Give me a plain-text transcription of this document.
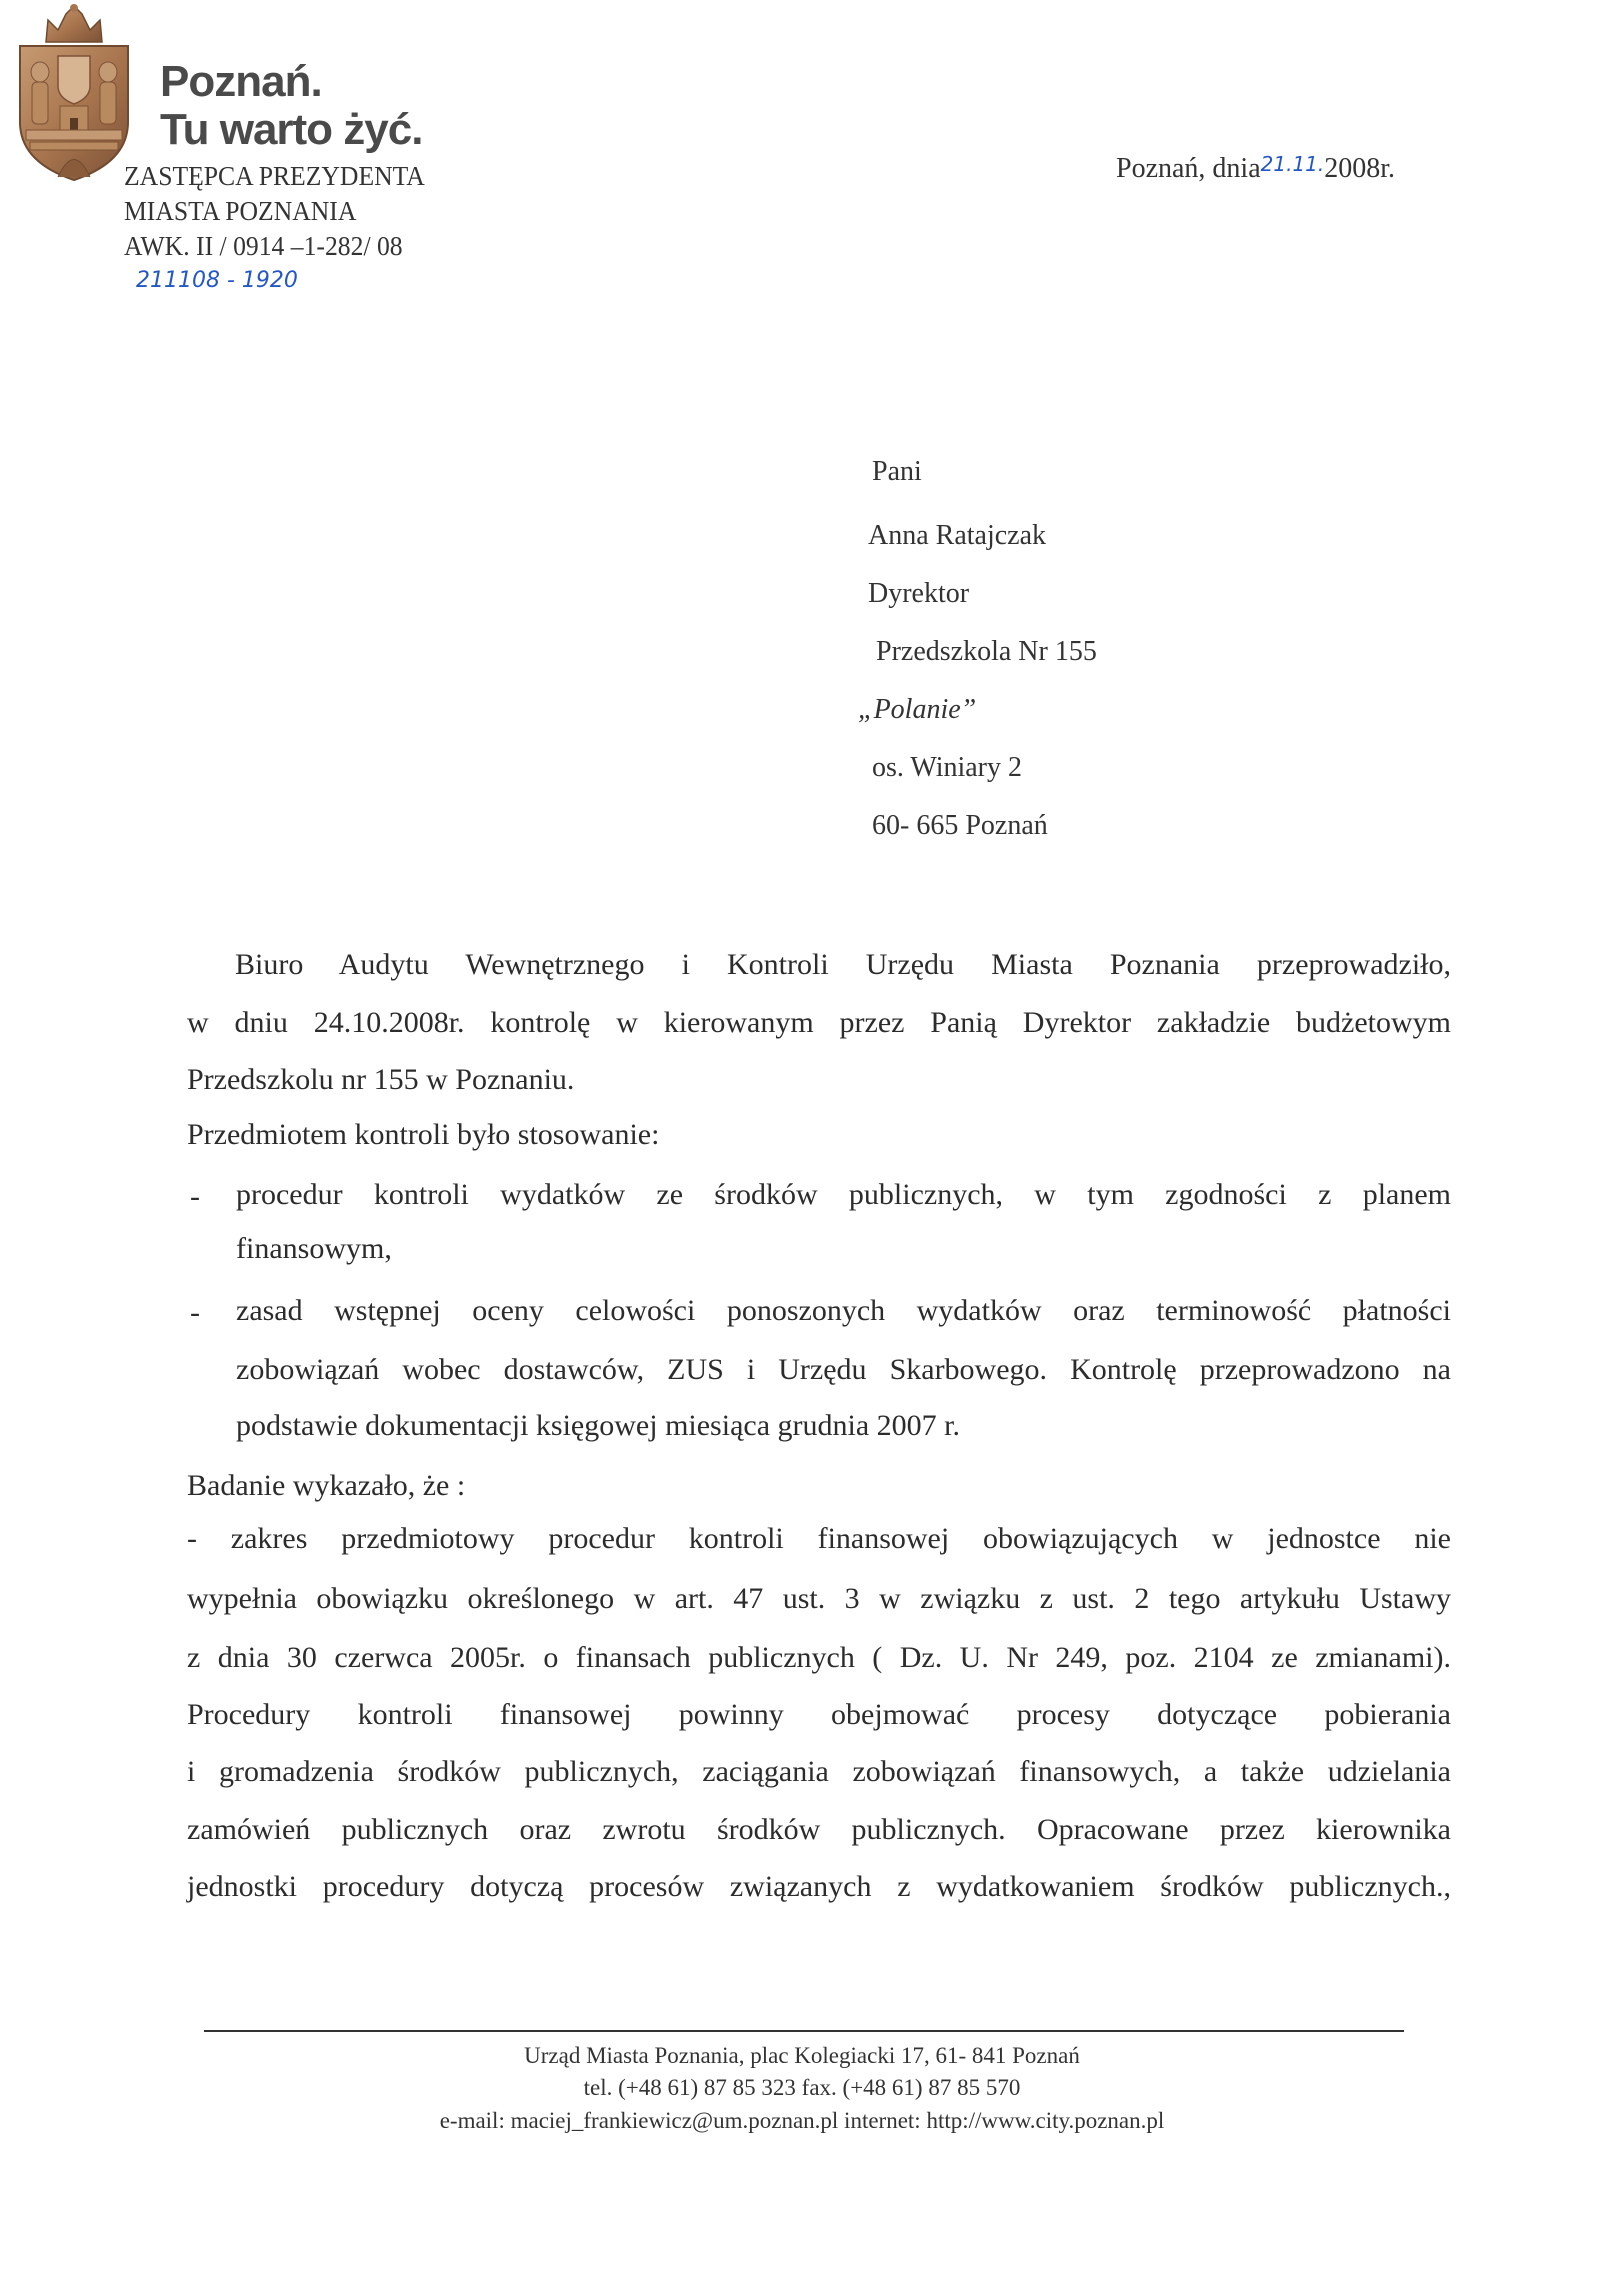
Poznań.
Tu warto żyć.
ZASTĘPCA PREZYDENTA
MIASTA POZNANIA
AWK. II / 0914 –1-282/ 08
211108 - 1920
Poznań, dnia$^{21.11.}$2008r.
Pani
Anna Ratajczak
Dyrektor
Przedszkola Nr 155
„Polanie”
os. Winiary 2
60- 665 Poznań
Biuro Audytu Wewnętrznego i Kontroli Urzędu Miasta Poznania przeprowadziło,
w dniu 24.10.2008r. kontrolę w kierowanym przez Panią Dyrektor zakładzie budżetowym
Przedszkolu nr 155 w Poznaniu.
Przedmiotem kontroli było stosowanie:
- procedur kontroli wydatków ze środków publicznych, w tym zgodności z planem
finansowym,
- zasad wstępnej oceny celowości ponoszonych wydatków oraz terminowość płatności
zobowiązań wobec dostawców, ZUS i Urzędu Skarbowego. Kontrolę przeprowadzono na
podstawie dokumentacji księgowej miesiąca grudnia 2007 r.
Badanie wykazało, że :
- zakres przedmiotowy procedur kontroli finansowej obowiązujących w jednostce nie
wypełnia obowiązku określonego w art. 47 ust. 3 w związku z ust. 2 tego artykułu Ustawy
z dnia 30 czerwca 2005r. o finansach publicznych ( Dz. U. Nr 249, poz. 2104 ze zmianami).
Procedury kontroli finansowej powinny obejmować procesy dotyczące pobierania
i gromadzenia środków publicznych, zaciągania zobowiązań finansowych, a także udzielania
zamówień publicznych oraz zwrotu środków publicznych. Opracowane przez kierownika
jednostki procedury dotyczą procesów związanych z wydatkowaniem środków publicznych.,
Urząd Miasta Poznania, plac Kolegiacki 17, 61- 841 Poznań
tel. (+48 61) 87 85 323 fax. (+48 61) 87 85 570
e-mail: maciej_frankiewicz@um.poznan.pl internet: http://www.city.poznan.pl
